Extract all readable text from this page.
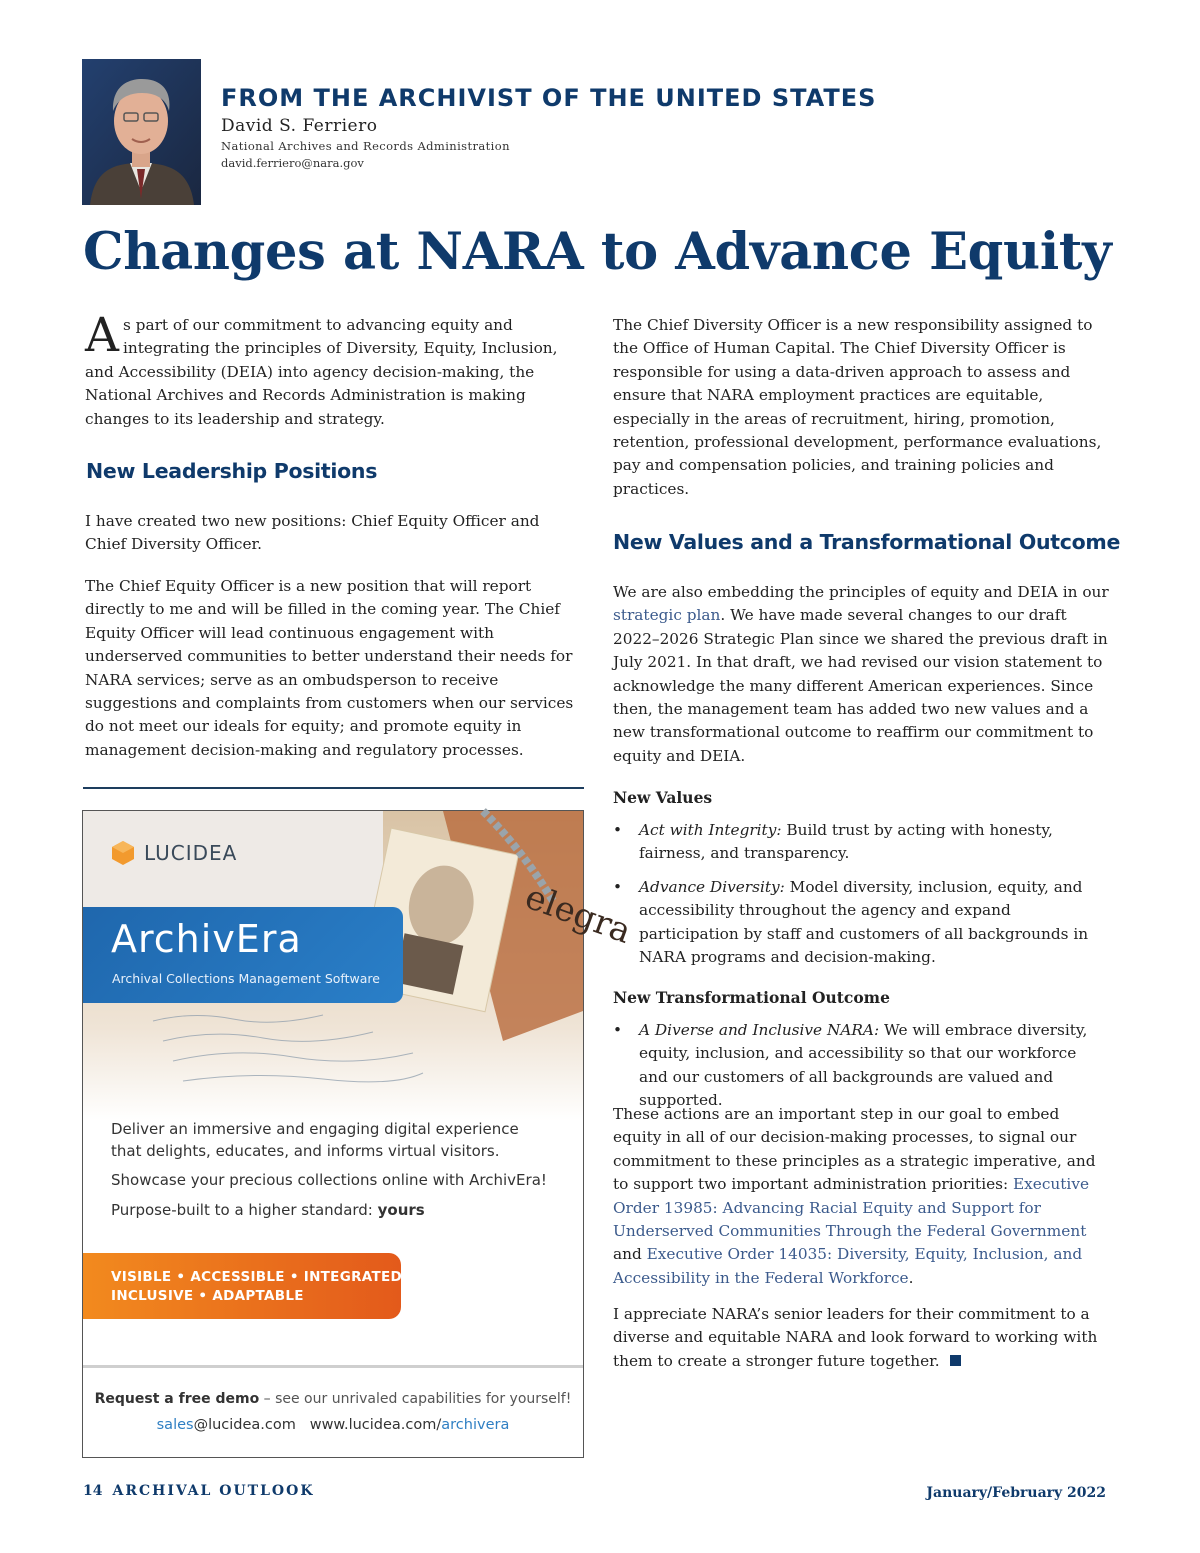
FROM THE ARCHIVIST OF THE UNITED STATES
David S. Ferriero
National Archives and Records Administration
david.ferriero@nara.gov
Changes at NARA to Advance Equity
As part of our commitment to advancing equity and integrating the principles of Diversity, Equity, Inclusion, and Accessibility (DEIA) into agency decision-making, the National Archives and Records Administration is making changes to its leadership and strategy.
New Leadership Positions
I have created two new positions: Chief Equity Officer and Chief Diversity Officer.
The Chief Equity Officer is a new position that will report directly to me and will be filled in the coming year. The Chief Equity Officer will lead continuous engagement with underserved communities to better understand their needs for NARA services; serve as an ombudsperson to receive suggestions and complaints from customers when our services do not meet our ideals for equity; and promote equity in management decision-making and regulatory processes.
elegra
LUCIDEA
ArchivEra
Archival Collections Management Software
Deliver an immersive and engaging digital experience that delights, educates, and informs virtual visitors.
Showcase your precious collections online with ArchivEra!
Purpose-built to a higher standard: yours
VISIBLE • ACCESSIBLE • INTEGRATED
INCLUSIVE • ADAPTABLE
Request a free demo – see our unrivaled capabilities for yourself!
sales@lucidea.com www.lucidea.com/archivera
The Chief Diversity Officer is a new responsibility assigned to the Office of Human Capital. The Chief Diversity Officer is responsible for using a data-driven approach to assess and ensure that NARA employment practices are equitable, especially in the areas of recruitment, hiring, promotion, retention, professional development, performance evaluations, pay and compensation policies, and training policies and practices.
New Values and a Transformational Outcome
We are also embedding the principles of equity and DEIA in our strategic plan. We have made several changes to our draft 2022–2026 Strategic Plan since we shared the previous draft in July 2021. In that draft, we had revised our vision statement to acknowledge the many different American experiences. Since then, the management team has added two new values and a new transformational outcome to reaffirm our commitment to equity and DEIA.
New Values
• Act with Integrity: Build trust by acting with honesty, fairness, and transparency.
• Advance Diversity: Model diversity, inclusion, equity, and accessibility throughout the agency and expand participation by staff and customers of all backgrounds in NARA programs and decision-making.
New Transformational Outcome
• A Diverse and Inclusive NARA: We will embrace diversity, equity, inclusion, and accessibility so that our workforce and our customers of all backgrounds are valued and supported.
These actions are an important step in our goal to embed equity in all of our decision-making processes, to signal our commitment to these principles as a strategic imperative, and to support two important administration priorities: Executive Order 13985: Advancing Racial Equity and Support for Underserved Communities Through the Federal Government and Executive Order 14035: Diversity, Equity, Inclusion, and Accessibility in the Federal Workforce.
I appreciate NARA’s senior leaders for their commitment to a diverse and equitable NARA and look forward to working with them to create a stronger future together.
14 ARCHIVAL OUTLOOK	January/February 2022
